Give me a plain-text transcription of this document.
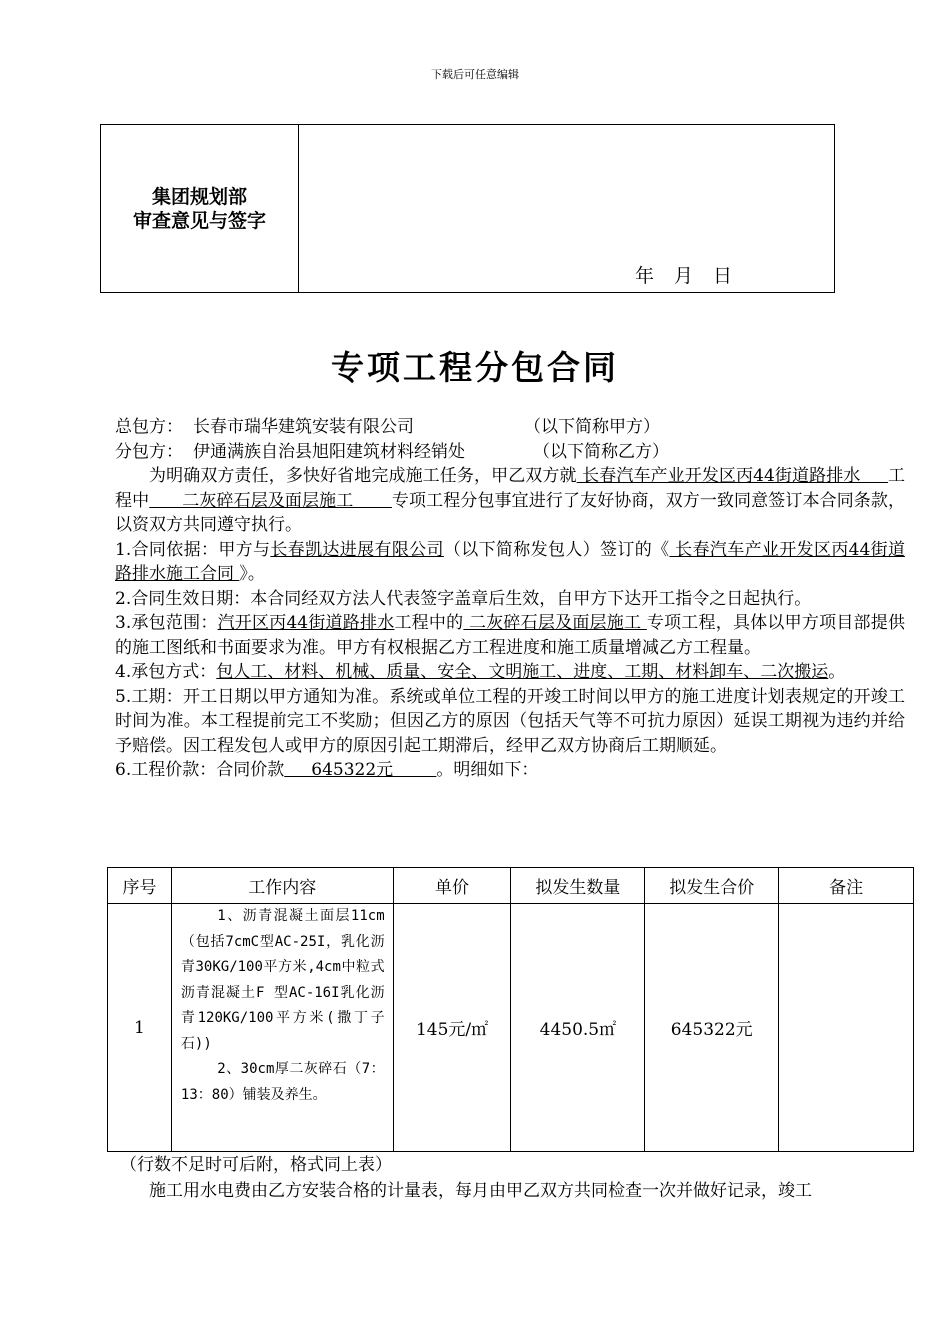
下载后可任意编辑
集团规划部
审查意见与签字

年 月 日
专项工程分包合同

总包方： 长春市瑞华建筑安装有限公司	（以下简称甲方）

分包方： 伊通满族自治县旭阳建筑材料经销处	（以下简称乙方）

为明确双方责任，多快好省地完成施工任务，甲乙双方就 长春汽车产业开发区丙44街道路排水     工程中      二灰碎石层及面层施工       专项工程分包事宜进行了友好协商，双方一致同意签订本合同条款，以资双方共同遵守执行。

1.合同依据：甲方与长春凯达进展有限公司（以下简称发包人）签订的《 长春汽车产业开发区丙44街道路排水施工合同 》。

2.合同生效日期：本合同经双方法人代表签字盖章后生效，自甲方下达开工指令之日起执行。

3.承包范围：汽开区丙44街道路排水工程中的 二灰碎石层及面层施工 专项工程，具体以甲方项目部提供的施工图纸和书面要求为准。甲方有权根据乙方工程进度和施工质量增减乙方工程量。

4.承包方式：包人工、材料、机械、质量、安全、文明施工、进度、工期、材料卸车、二次搬运。

5.工期：开工日期以甲方通知为准。系统或单位工程的开竣工时间以甲方的施工进度计划表规定的开竣工时间为准。本工程提前完工不奖励；但因乙方的原因（包括天气等不可抗力原因）延误工期视为违约并给予赔偿。因工程发包人或甲方的原因引起工期滞后，经甲乙双方协商后工期顺延。

6.工程价款：合同价款     645322元        。明细如下：

序号	工作内容	单价	拟发生数量	拟发生合价	备注
1	1、沥青混凝土面层11cm（包括7cmC型AC-25I，乳化沥青30KG/100平方米,4cm中粒式沥青混凝土F 型AC-16I乳化沥青120KG/100平方米(撒丁子石))

2、30cm厚二灰碎石（7：13：80）铺装及养生。	145元/㎡	4450.5㎡	645322元	

（行数不足时可后附，格式同上表）

施工用水电费由乙方安装合格的计量表，每月由甲乙双方共同检查一次并做好记录，竣工
